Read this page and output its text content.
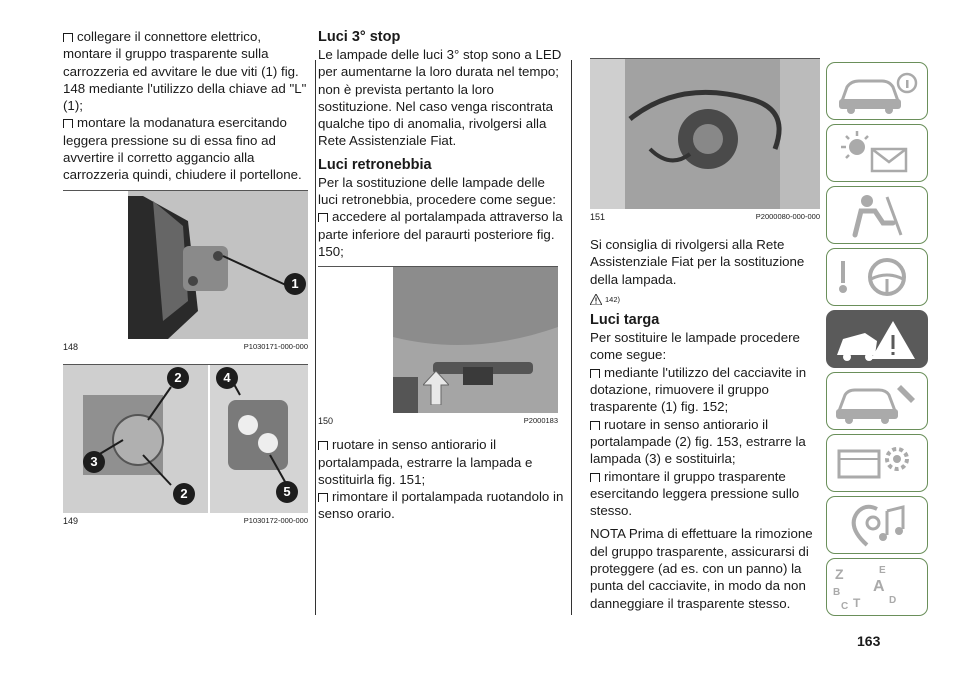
collegare il connettore elettrico, montare il gruppo trasparente sulla carrozzeria ed avvitare le due viti (1) fig. 148 mediante l'utilizzo della chiave ad "L" (1);

montare la modanatura esercitando leggera pressione su di essa fino ad avvertire il corretto aggancio alla carrozzeria quindi, chiudere il portellone.

1
148	P1030171-000-000
2
3
2
4
5
149	P1030172-000-000
Luci 3° stop

Le lampade delle luci 3° stop sono a LED per aumentarne la loro durata nel tempo; non è prevista pertanto la loro sostituzione. Nel caso venga riscontrata qualche tipo di anomalia, rivolgersi alla Rete Assistenziale Fiat.

Luci retronebbia

Per la sostituzione delle lampade delle luci retronebbia, procedere come segue:

accedere al portalampada attraverso la parte inferiore del paraurti posteriore fig. 150;

150	P2000183

ruotare in senso antiorario il portalampada, estrarre la lampada e sostituirla fig. 151;

rimontare il portalampada ruotandolo in senso orario.

151	P2000080-000-000

Si consiglia di rivolgersi alla Rete Assistenziale Fiat per la sostituzione della lampada.

142)
Luci targa

Per sostituire le lampade procedere come segue:

mediante l'utilizzo del cacciavite in dotazione, rimuovere il gruppo trasparente (1) fig. 152;

ruotare in senso antiorario il portalampade (2) fig. 153, estrarre la lampada (3) e sostituirla;

rimontare il gruppo trasparente esercitando leggera pressione sullo stesso.

NOTA Prima di effettuare la rimozione del gruppo trasparente, assicurarsi di proteggere (ad es. con un panno) la punta del cacciavite, in modo da non danneggiare il trasparente stesso.

Z	E
A
B
C T	D
163
